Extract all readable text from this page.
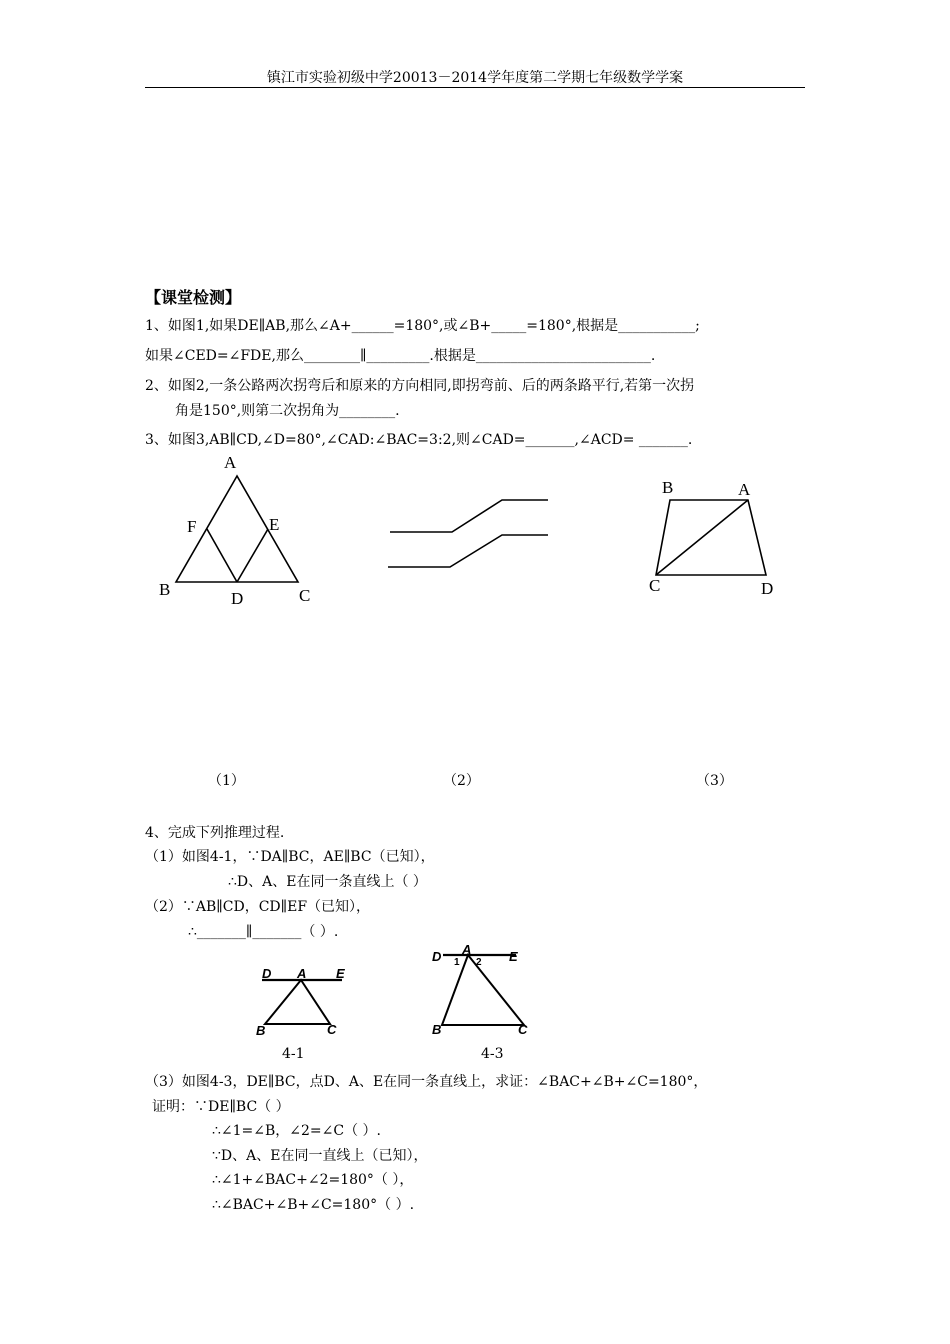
镇江市实验初级中学20013－2014学年度第二学期七年级数学学案
【课堂检测】
1、如图1,如果DE∥AB,那么∠A+______=180°,或∠B+_____=180°,根据是___________;
如果∠CED=∠FDE,那么________∥_________.根据是_________________________.
2、如图2,一条公路两次拐弯后和原来的方向相同,即拐弯前、后的两条路平行,若第一次拐
角是150°,则第二次拐角为________.
3、如图3,AB∥CD,∠D=80°,∠CAD:∠BAC=3:2,则∠CAD=_______,∠ACD= _______.
A
F	E
B	D	C
B	A
C	D
（1）	（2）	（3）
4、完成下列推理过程.
（1）如图4-1，∵DA∥BC，AE∥BC（已知），
∴D、A、E在同一条直线上（ ）
（2）∵AB∥CD，CD∥EF（已知），
∴_______∥_______（ ）.
D A E
B	C
4-1
D A	E
1 2
B	C
4-3
（3）如图4-3，DE∥BC，点D、A、E在同一条直线上，求证：∠BAC+∠B+∠C=180°，
证明：∵DE∥BC（ ）
∴∠1=∠B，∠2=∠C（ ）.
∵D、A、E在同一直线上（已知），
∴∠1+∠BAC+∠2=180°（ ），
∴∠BAC+∠B+∠C=180°（ ）.
